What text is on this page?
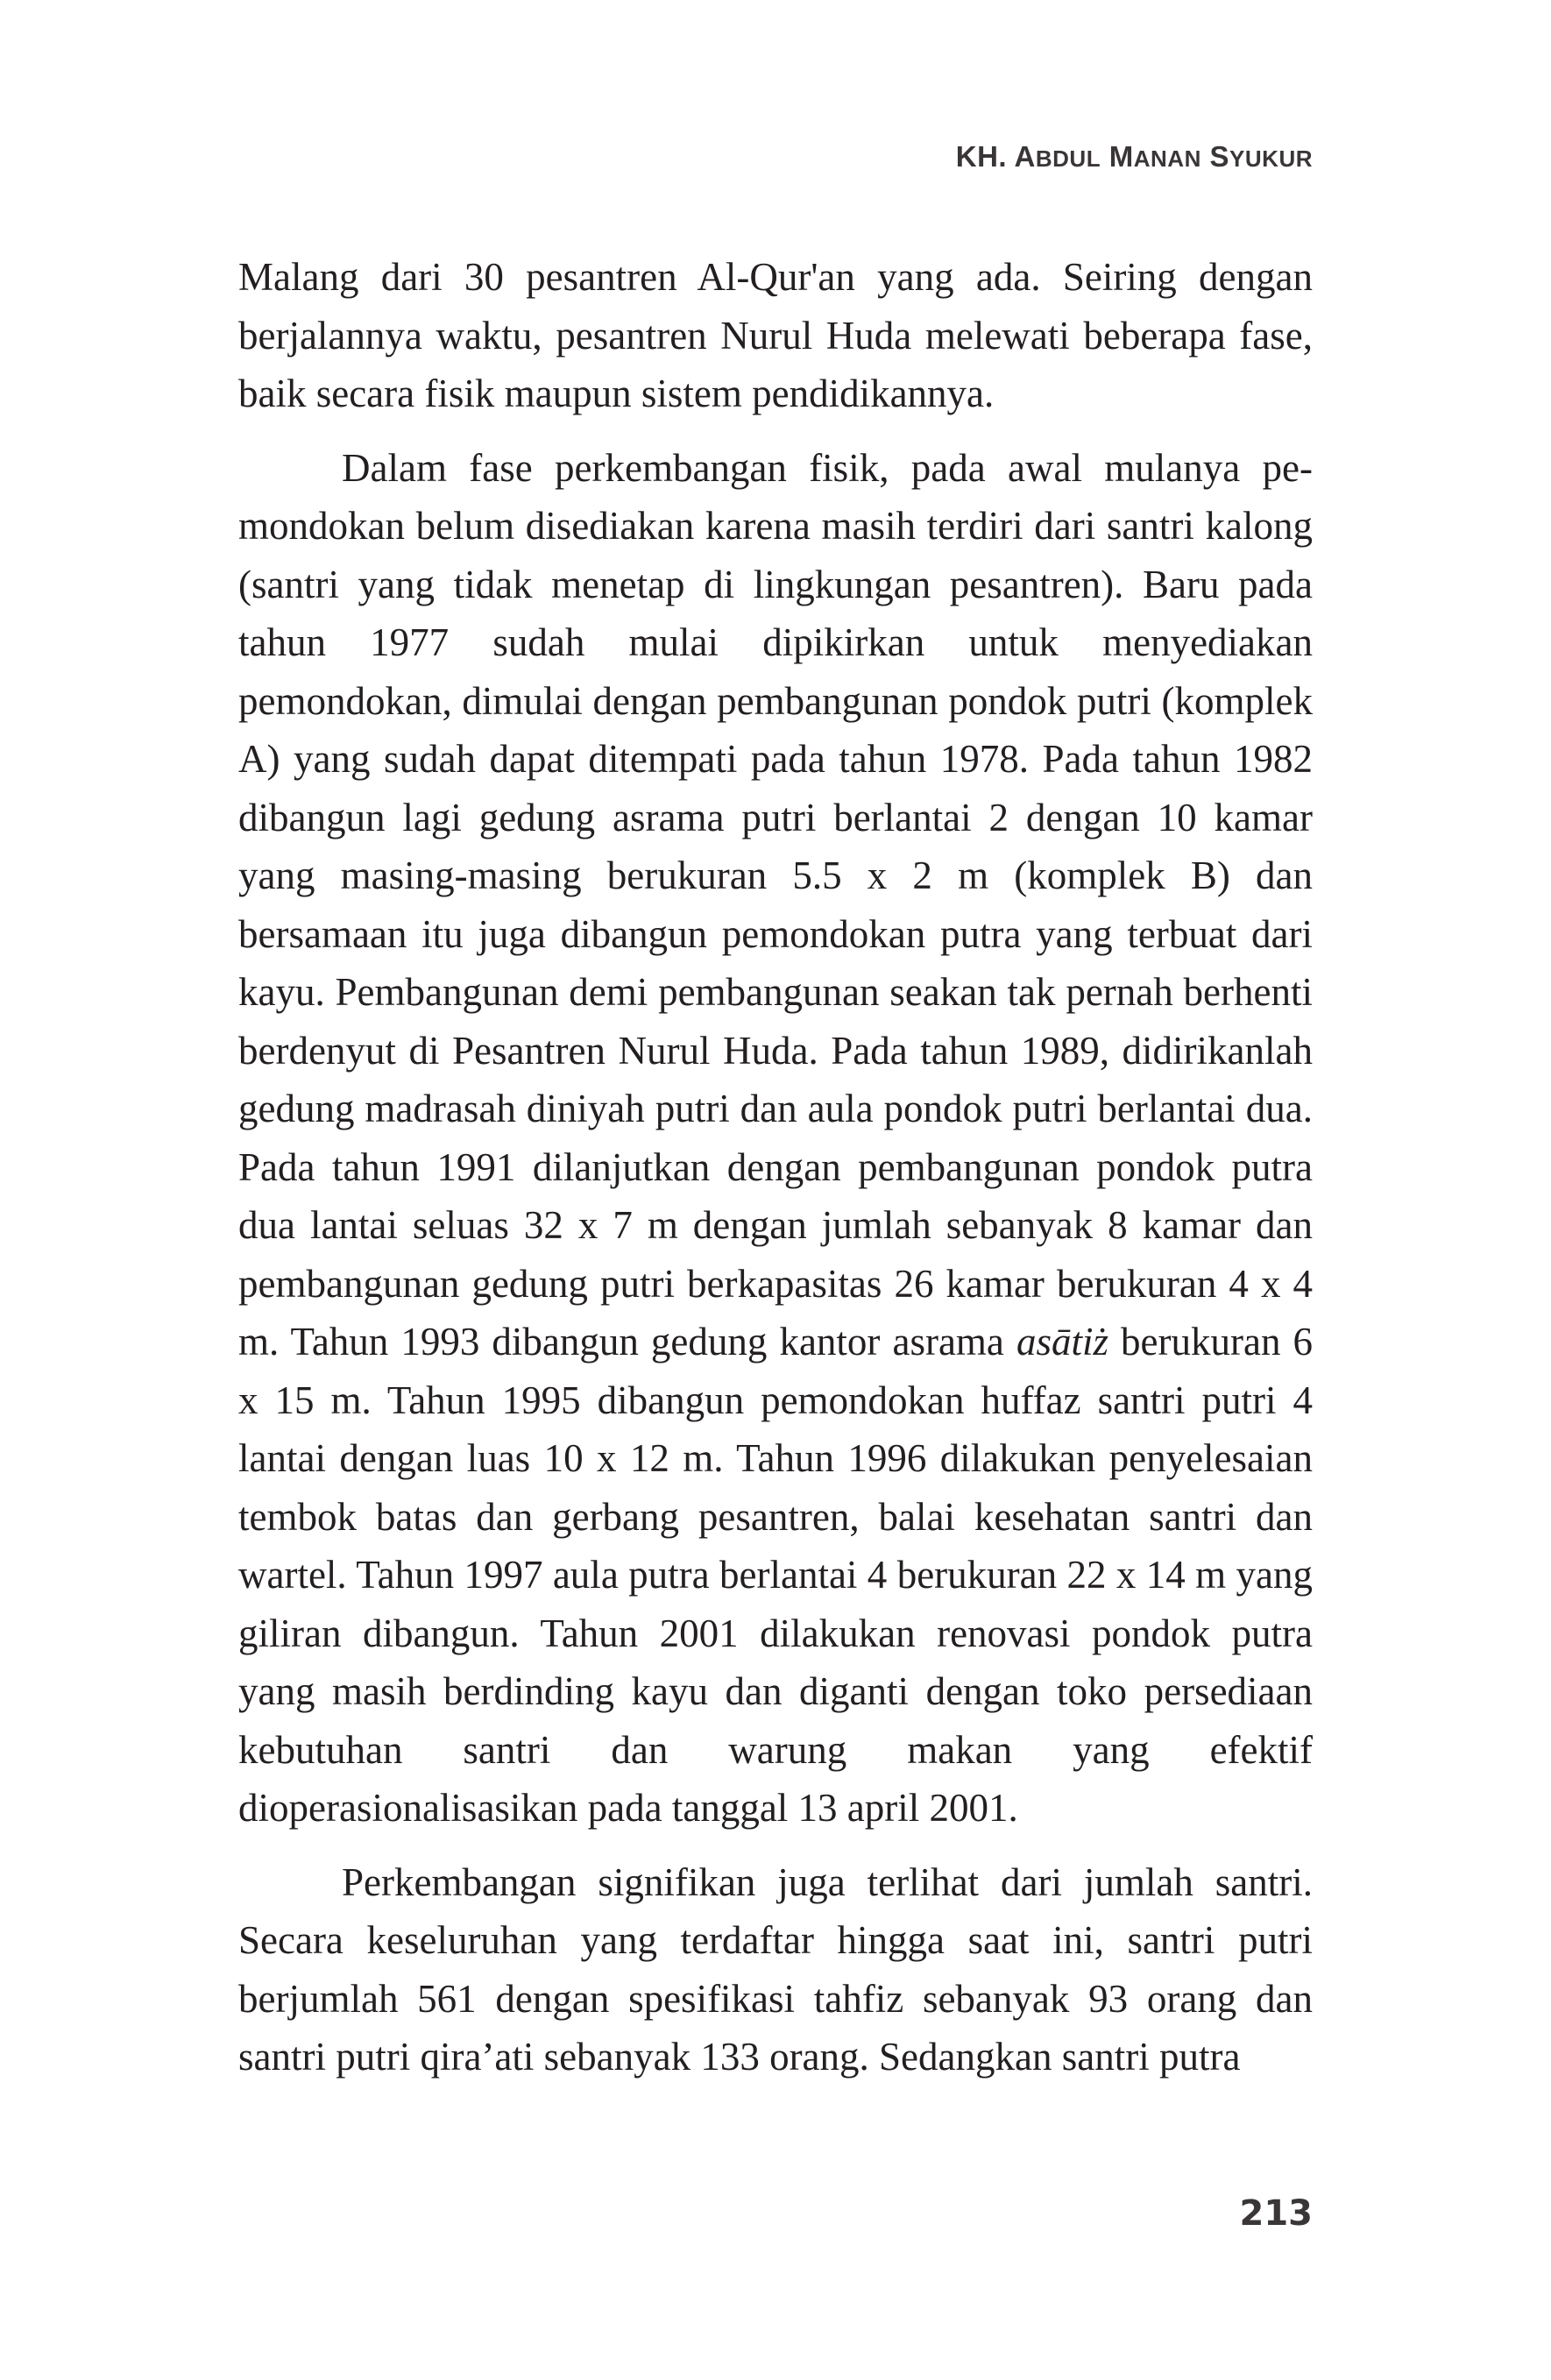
KH. ABDUL MANAN SYUKUR

Malang dari 30 pesantren Al-Qur'an yang ada. Seiring dengan berjalannya waktu, pesantren Nurul Huda melewati beberapa fase, baik secara fisik maupun sistem pendidikannya.

Dalam fase perkembangan fisik, pada awal mulanya pemondokan belum disediakan karena masih terdiri dari santri kalong (santri yang tidak menetap di lingkungan pesantren). Baru pada tahun 1977 sudah mulai dipikirkan untuk menyediakan pemondokan, dimulai dengan pembangunan pondok putri (komplek A) yang sudah dapat ditempati pada tahun 1978. Pada tahun 1982 dibangun lagi gedung asrama putri berlantai 2 dengan 10 kamar yang masing-masing berukuran 5.5 x 2 m (komplek B) dan bersamaan itu juga dibangun pemondokan putra yang terbuat dari kayu. Pembangunan demi pembangunan seakan tak pernah berhenti berdenyut di Pesantren Nurul Huda. Pada tahun 1989, didirikanlah gedung madrasah diniyah putri dan aula pondok putri berlantai dua. Pada tahun 1991 dilanjutkan dengan pembangunan pondok putra dua lantai seluas 32 x 7 m dengan jumlah sebanyak 8 kamar dan pembangunan gedung putri berkapasitas 26 kamar berukuran 4 x 4 m. Tahun 1993 dibangun gedung kantor asrama asātiż berukuran 6 x 15 m. Tahun 1995 dibangun pemondokan huffaz santri putri 4 lantai dengan luas 10 x 12 m. Tahun 1996 dilakukan penyelesaian tembok batas dan gerbang pesantren, balai kesehatan santri dan wartel. Tahun 1997 aula putra berlantai 4 berukuran 22 x 14 m yang giliran dibangun. Tahun 2001 dilakukan renovasi pondok putra yang masih berdinding kayu dan diganti dengan toko persediaan kebutuhan santri dan warung makan yang efektif dioperasionalisasikan pada tanggal 13 april 2001.

Perkembangan signifikan juga terlihat dari jumlah santri. Secara keseluruhan yang terdaftar hingga saat ini, santri putri berjumlah 561 dengan spesifikasi tahfiz sebanyak 93 orang dan santri putri qira’ati sebanyak 133 orang. Sedangkan santri putra

213
